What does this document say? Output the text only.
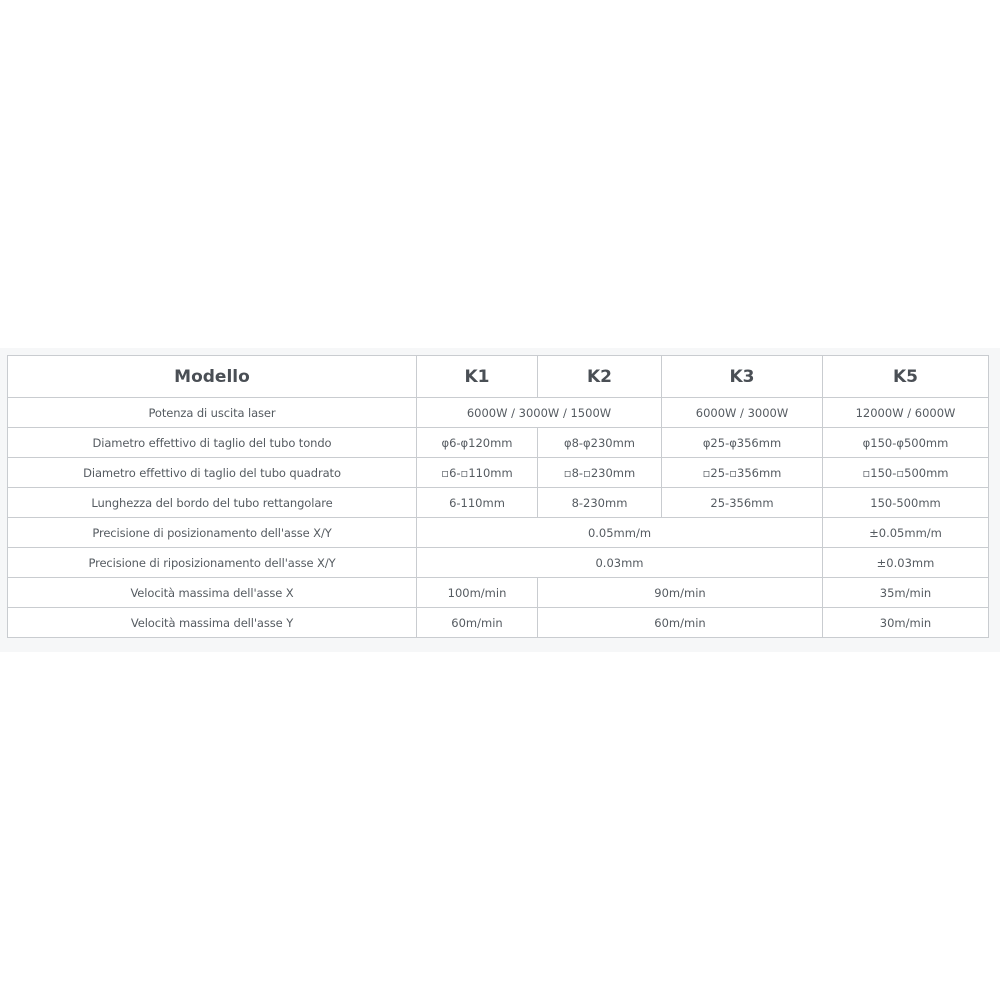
Modello	K1	K2	K3	K5
Potenza di uscita laser	6000W / 3000W / 1500W		6000W / 3000W	12000W / 6000W
Diametro effettivo di taglio del tubo tondo	φ6-φ120mm	φ8-φ230mm	φ25-φ356mm	φ150-φ500mm
Diametro effettivo di taglio del tubo quadrato	▫6-▫110mm	▫8-▫230mm	▫25-▫356mm	▫150-▫500mm
Lunghezza del bordo del tubo rettangolare	6-110mm	8-230mm	25-356mm	150-500mm
Precisione di posizionamento dell'asse X/Y	0.05mm/m			±0.05mm/m
Precisione di riposizionamento dell'asse X/Y	0.03mm			±0.03mm
Velocità massima dell'asse X	100m/min	90m/min		35m/min
Velocità massima dell'asse Y	60m/min	60m/min		30m/min
